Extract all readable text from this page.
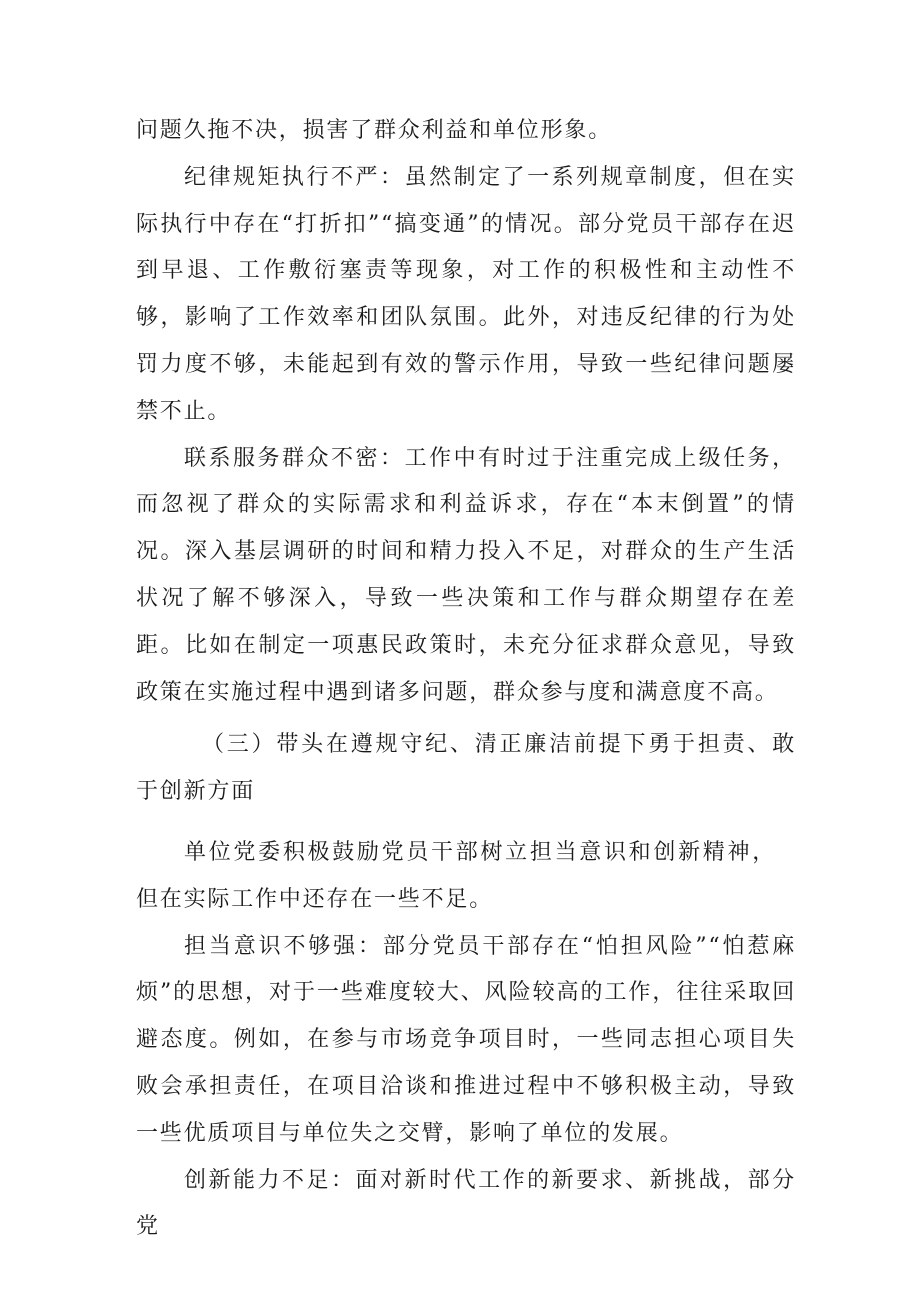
问题久拖不决，损害了群众利益和单位形象。

纪律规矩执行不严：虽然制定了一系列规章制度，但在实际执行中存在“打折扣”“搞变通”的情况。部分党员干部存在迟到早退、工作敷衍塞责等现象，对工作的积极性和主动性不够，影响了工作效率和团队氛围。此外，对违反纪律的行为处罚力度不够，未能起到有效的警示作用，导致一些纪律问题屡禁不止。

联系服务群众不密：工作中有时过于注重完成上级任务，而忽视了群众的实际需求和利益诉求，存在“本末倒置”的情况。深入基层调研的时间和精力投入不足，对群众的生产生活状况了解不够深入，导致一些决策和工作与群众期望存在差距。比如在制定一项惠民政策时，未充分征求群众意见，导致政策在实施过程中遇到诸多问题，群众参与度和满意度不高。

（三）带头在遵规守纪、清正廉洁前提下勇于担责、敢于创新方面

单位党委积极鼓励党员干部树立担当意识和创新精神，但在实际工作中还存在一些不足。

担当意识不够强：部分党员干部存在“怕担风险”“怕惹麻烦”的思想，对于一些难度较大、风险较高的工作，往往采取回避态度。例如，在参与市场竞争项目时，一些同志担心项目失败会承担责任，在项目洽谈和推进过程中不够积极主动，导致一些优质项目与单位失之交臂，影响了单位的发展。

创新能力不足：面对新时代工作的新要求、新挑战，部分党
